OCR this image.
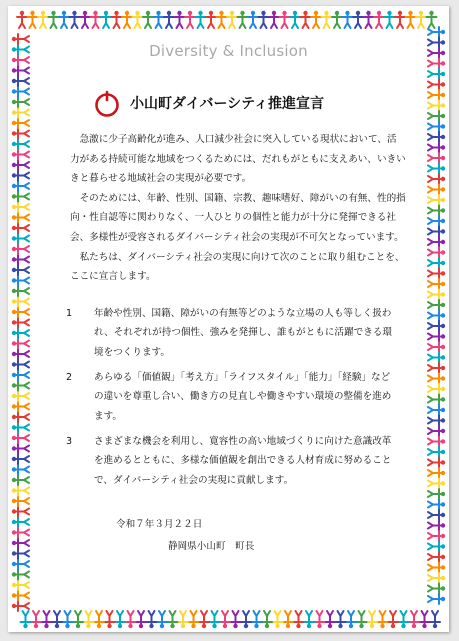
Diversity & Inclusion
小山町ダイバーシティ推進宣言

急激に少子高齢化が進み、人口減少社会に突入している現状において、活力がある持続可能な地域をつくるためには、だれもがともに支えあい、いきいきと暮らせる地域社会の実現が必要です。

そのためには、年齢、性別、国籍、宗教、趣味嗜好、障がいの有無、性的指向・性自認等に関わりなく、一人ひとりの個性と能力が十分に発揮できる社会、多様性が受容されるダイバーシティ社会の実現が不可欠となっています。

私たちは、ダイバーシティ社会の実現に向けて次のことに取り組むことを、ここに宣言します。

1 年齢や性別、国籍、障がいの有無等どのような立場の人も等しく扱われ、それぞれが持つ個性、強みを発揮し、誰もがともに活躍できる環境をつくります。
2 あらゆる「価値観」「考え方」「ライフスタイル」「能力」「経験」などの違いを尊重し合い、働き方の見直しや働きやすい環境の整備を進めます。
3 さまざまな機会を利用し、寛容性の高い地域づくりに向けた意識改革を進めるとともに、多様な価値観を創出できる人材育成に努めることで、ダイバーシティ社会の実現に貢献します。
令和７年３月２２日
静岡県小山町　町長
